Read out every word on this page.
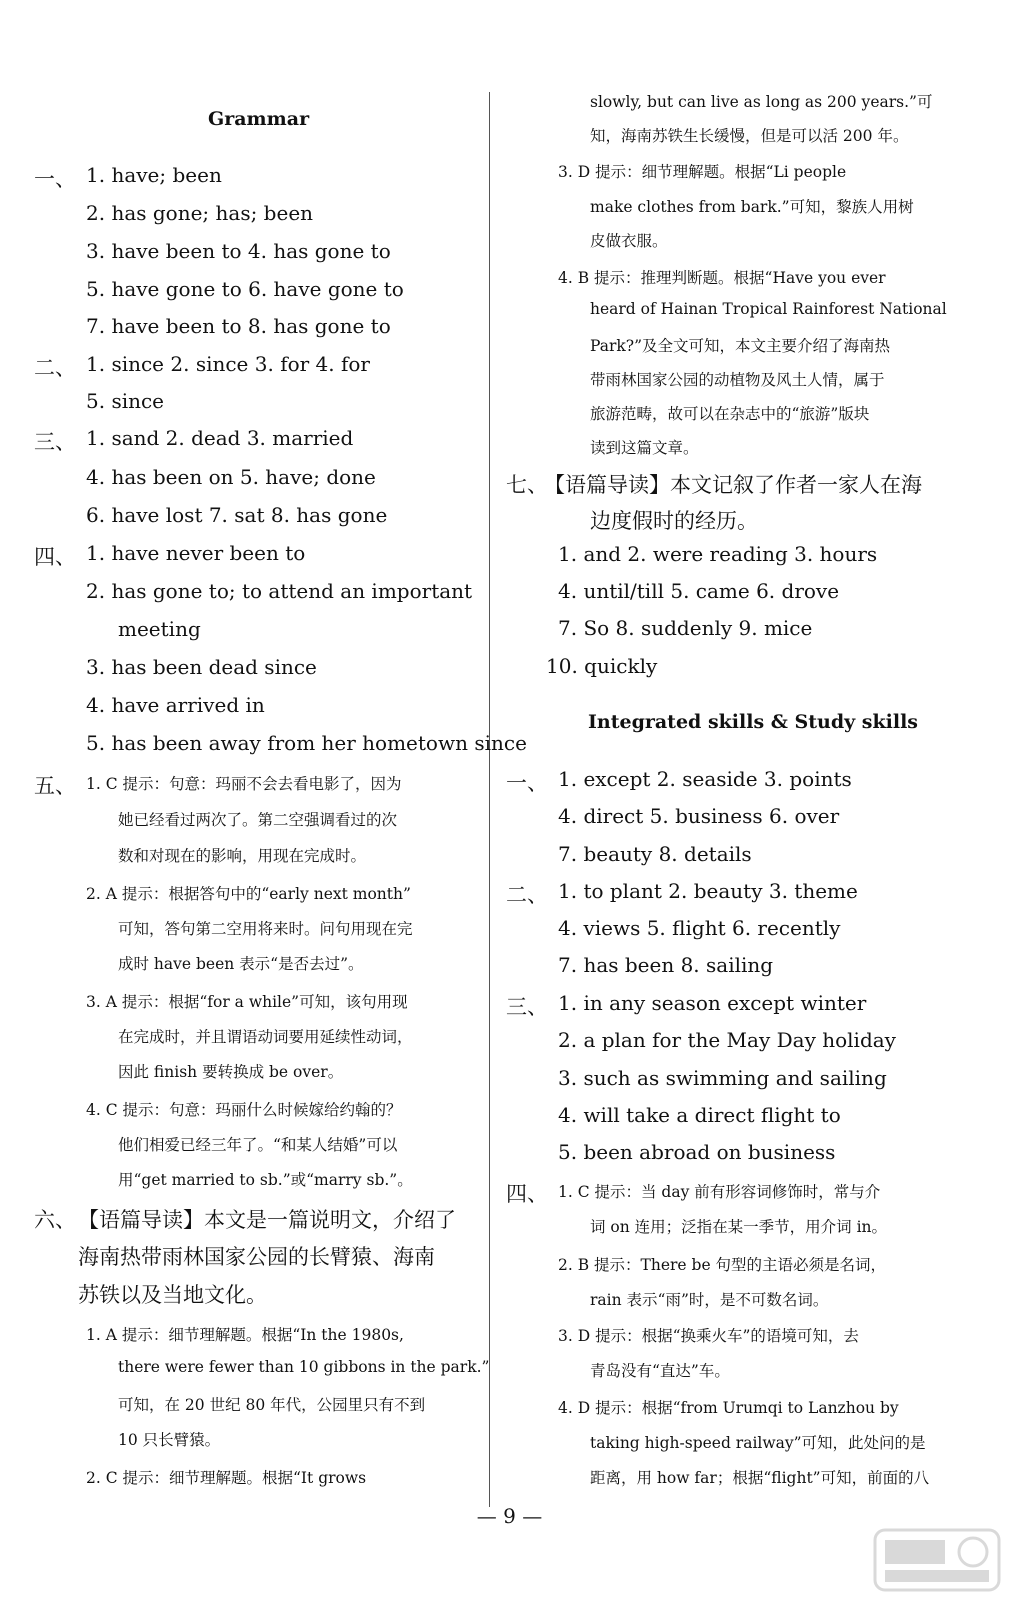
Grammar
一、 1. have; been
2. has gone; has; been
3. have been to 4. has gone to
5. have gone to 6. have gone to
7. have been to 8. has gone to
二、 1. since 2. since 3. for 4. for
5. since
三、 1. sand 2. dead 3. married
4. has been on 5. have; done
6. have lost 7. sat 8. has gone
四、 1. have never been to
2. has gone to; to attend an important
meeting
3. has been dead since
4. have arrived in
5. has been away from her hometown since
五、 1. C 提示：句意：玛丽不会去看电影了，因为
她已经看过两次了。第二空强调看过的次
数和对现在的影响，用现在完成时。
2. A 提示：根据答句中的“early next month”
可知，答句第二空用将来时。问句用现在完
成时 have been 表示“是否去过”。
3. A 提示：根据“for a while”可知，该句用现
在完成时，并且谓语动词要用延续性动词，
因此 finish 要转换成 be over。
4. C 提示：句意：玛丽什么时候嫁给约翰的？
他们相爱已经三年了。“和某人结婚”可以
用“get married to sb.”或“marry sb.”。
六、 【语篇导读】本文是一篇说明文，介绍了
海南热带雨林国家公园的长臂猿、海南
苏铁以及当地文化。
1. A 提示：细节理解题。根据“In the 1980s,
there were fewer than 10 gibbons in the park.”
可知，在 20 世纪 80 年代，公园里只有不到
10 只长臂猿。
2. C 提示：细节理解题。根据“It grows
slowly, but can live as long as 200 years.”可
知，海南苏铁生长缓慢，但是可以活 200 年。
3. D 提示：细节理解题。根据“Li people
make clothes from bark.”可知，黎族人用树
皮做衣服。
4. B 提示：推理判断题。根据“Have you ever
heard of Hainan Tropical Rainforest National
Park?”及全文可知，本文主要介绍了海南热
带雨林国家公园的动植物及风土人情，属于
旅游范畴，故可以在杂志中的“旅游”版块
读到这篇文章。
七、
【语篇导读】本文记叙了作者一家人在海
边度假时的经历。
1. and 2. were reading 3. hours
4. until/till 5. came 6. drove
7. So 8. suddenly 9. mice
10. quickly
Integrated skills & Study skills
一、 1. except 2. seaside 3. points
4. direct 5. business 6. over
7. beauty 8. details
二、 1. to plant 2. beauty 3. theme
4. views 5. flight 6. recently
7. has been 8. sailing
三、 1. in any season except winter
2. a plan for the May Day holiday
3. such as swimming and sailing
4. will take a direct flight to
5. been abroad on business
四、 1. C 提示：当 day 前有形容词修饰时，常与介
词 on 连用；泛指在某一季节，用介词 in。
2. B 提示：There be 句型的主语必须是名词，
rain 表示“雨”时，是不可数名词。
3. D 提示：根据“换乘火车”的语境可知，去
青岛没有“直达”车。
4. D 提示：根据“from Urumqi to Lanzhou by
taking high-speed railway”可知，此处问的是
距离，用 how far；根据“flight”可知，前面的八
— 9 —
